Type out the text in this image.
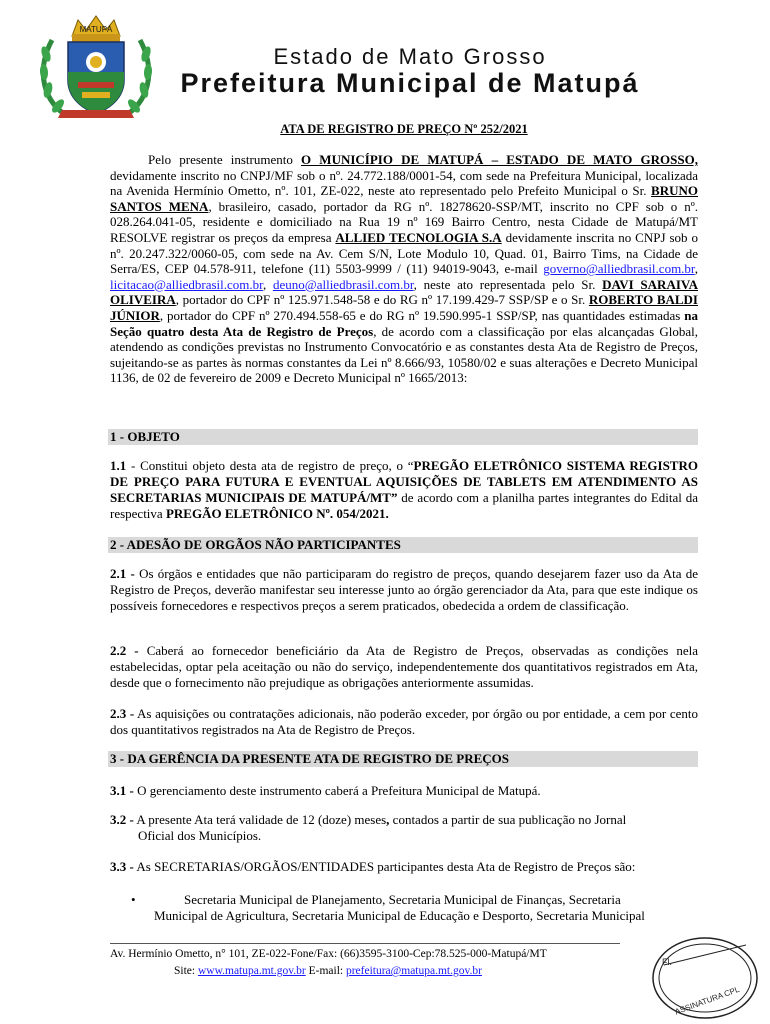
MATUPÁ
Estado de Mato Grosso
Prefeitura Municipal de Matupá
ATA DE REGISTRO DE PREÇO Nº 252/2021
Pelo presente instrumento O MUNICÍPIO DE MATUPÁ – ESTADO DE MATO GROSSO, devidamente inscrito no CNPJ/MF sob o nº. 24.772.188/0001-54, com sede na Prefeitura Municipal, localizada na Avenida Hermínio Ometto, nº. 101, ZE-022, neste ato representado pelo Prefeito Municipal o Sr. BRUNO SANTOS MENA, brasileiro, casado, portador da RG nº. 18278620-SSP/MT, inscrito no CPF sob o nº. 028.264.041-05, residente e domiciliado na Rua 19 nº 169 Bairro Centro, nesta Cidade de Matupá/MT RESOLVE registrar os preços da empresa ALLIED TECNOLOGIA S.A devidamente inscrita no CNPJ sob o nº. 20.247.322/0060-05, com sede na Av. Cem S/N, Lote Modulo 10, Quad. 01, Bairro Tims, na Cidade de Serra/ES, CEP 04.578-911, telefone (11) 5503-9999 / (11) 94019-9043, e-mail governo@alliedbrasil.com.br, licitacao@alliedbrasil.com.br, deuno@alliedbrasil.com.br, neste ato representada pelo Sr. DAVI SARAIVA OLIVEIRA, portador do CPF nº 125.971.548-58 e do RG nº 17.199.429-7 SSP/SP e o Sr. ROBERTO BALDI JÚNIOR, portador do CPF nº 270.494.558-65 e do RG nº 19.590.995-1 SSP/SP, nas quantidades estimadas na Seção quatro desta Ata de Registro de Preços, de acordo com a classificação por elas alcançadas Global, atendendo as condições previstas no Instrumento Convocatório e as constantes desta Ata de Registro de Preços, sujeitando-se as partes às normas constantes da Lei nº 8.666/93, 10580/02 e suas alterações e Decreto Municipal 1136, de 02 de fevereiro de 2009 e Decreto Municipal nº 1665/2013:
1 - OBJETO
1.1 - Constitui objeto desta ata de registro de preço, o “PREGÃO ELETRÔNICO SISTEMA REGISTRO DE PREÇO PARA FUTURA E EVENTUAL AQUISIÇÕES DE TABLETS EM ATENDIMENTO AS SECRETARIAS MUNICIPAIS DE MATUPÁ/MT” de acordo com a planilha partes integrantes do Edital da respectiva PREGÃO ELETRÔNICO Nº. 054/2021.
2 - ADESÃO DE ORGÃOS NÃO PARTICIPANTES
2.1 - Os órgãos e entidades que não participaram do registro de preços, quando desejarem fazer uso da Ata de Registro de Preços, deverão manifestar seu interesse junto ao órgão gerenciador da Ata, para que este indique os possíveis fornecedores e respectivos preços a serem praticados, obedecida a ordem de classificação.
2.2 - Caberá ao fornecedor beneficiário da Ata de Registro de Preços, observadas as condições nela estabelecidas, optar pela aceitação ou não do serviço, independentemente dos quantitativos registrados em Ata, desde que o fornecimento não prejudique as obrigações anteriormente assumidas.
2.3 - As aquisições ou contratações adicionais, não poderão exceder, por órgão ou por entidade, a cem por cento dos quantitativos registrados na Ata de Registro de Preços.
3 - DA GERÊNCIA DA PRESENTE ATA DE REGISTRO DE PREÇOS
3.1 - O gerenciamento deste instrumento caberá a Prefeitura Municipal de Matupá.
3.2 - A presente Ata terá validade de 12 (doze) meses, contados a partir de sua publicação no Jornal
Oficial dos Municípios.
3.3 - As SECRETARIAS/ORGÃOS/ENTIDADES participantes desta Ata de Registro de Preços são:
•	Secretaria Municipal de Planejamento, Secretaria Municipal de Finanças, Secretaria
Municipal de Agricultura, Secretaria Municipal de Educação e Desporto, Secretaria Municipal
Av. Hermínio Ometto, n° 101, ZE-022-Fone/Fax: (66)3595-3100-Cep:78.525-000-Matupá/MT
Site: www.matupa.mt.gov.br E-mail: prefeitura@matupa.mt.gov.br
Fl.
ASSINATURA CPL
